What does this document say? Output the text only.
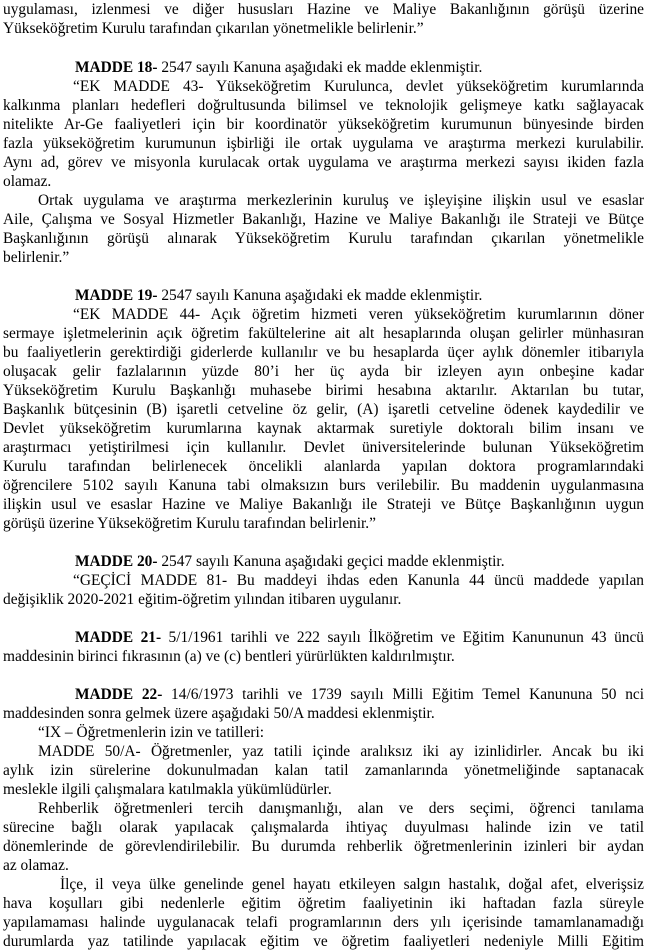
uygulaması, izlenmesi ve diğer hususları Hazine ve Maliye Bakanlığının görüşü üzerine
Yükseköğretim Kurulu tarafından çıkarılan yönetmelikle belirlenir.”
MADDE 18- 2547 sayılı Kanuna aşağıdaki ek madde eklenmiştir.
“EK MADDE 43- Yükseköğretim Kurulunca, devlet yükseköğretim kurumlarında
kalkınma planları hedefleri doğrultusunda bilimsel ve teknolojik gelişmeye katkı sağlayacak
nitelikte Ar-Ge faaliyetleri için bir koordinatör yükseköğretim kurumunun bünyesinde birden
fazla yükseköğretim kurumunun işbirliği ile ortak uygulama ve araştırma merkezi kurulabilir.
Aynı ad, görev ve misyonla kurulacak ortak uygulama ve araştırma merkezi sayısı ikiden fazla
olamaz.
Ortak uygulama ve araştırma merkezlerinin kuruluş ve işleyişine ilişkin usul ve esaslar
Aile, Çalışma ve Sosyal Hizmetler Bakanlığı, Hazine ve Maliye Bakanlığı ile Strateji ve Bütçe
Başkanlığının görüşü alınarak Yükseköğretim Kurulu tarafından çıkarılan yönetmelikle
belirlenir.”
MADDE 19- 2547 sayılı Kanuna aşağıdaki ek madde eklenmiştir.
“EK MADDE 44- Açık öğretim hizmeti veren yükseköğretim kurumlarının döner
sermaye işletmelerinin açık öğretim fakültelerine ait alt hesaplarında oluşan gelirler münhasıran
bu faaliyetlerin gerektirdiği giderlerde kullanılır ve bu hesaplarda üçer aylık dönemler itibarıyla
oluşacak gelir fazlalarının yüzde 80’i her üç ayda bir izleyen ayın onbeşine kadar
Yükseköğretim Kurulu Başkanlığı muhasebe birimi hesabına aktarılır. Aktarılan bu tutar,
Başkanlık bütçesinin (B) işaretli cetveline öz gelir, (A) işaretli cetveline ödenek kaydedilir ve
Devlet yükseköğretim kurumlarına kaynak aktarmak suretiyle doktoralı bilim insanı ve
araştırmacı yetiştirilmesi için kullanılır. Devlet üniversitelerinde bulunan Yükseköğretim
Kurulu tarafından belirlenecek öncelikli alanlarda yapılan doktora programlarındaki
öğrencilere 5102 sayılı Kanuna tabi olmaksızın burs verilebilir. Bu maddenin uygulanmasına
ilişkin usul ve esaslar Hazine ve Maliye Bakanlığı ile Strateji ve Bütçe Başkanlığının uygun
görüşü üzerine Yükseköğretim Kurulu tarafından belirlenir.”
MADDE 20- 2547 sayılı Kanuna aşağıdaki geçici madde eklenmiştir.
“GEÇİCİ MADDE 81- Bu maddeyi ihdas eden Kanunla 44 üncü maddede yapılan
değişiklik 2020-2021 eğitim-öğretim yılından itibaren uygulanır.
MADDE 21- 5/1/1961 tarihli ve 222 sayılı İlköğretim ve Eğitim Kanununun 43 üncü
maddesinin birinci fıkrasının (a) ve (c) bentleri yürürlükten kaldırılmıştır.
MADDE 22- 14/6/1973 tarihli ve 1739 sayılı Milli Eğitim Temel Kanununa 50 nci
maddesinden sonra gelmek üzere aşağıdaki 50/A maddesi eklenmiştir.
“IX – Öğretmenlerin izin ve tatilleri:
MADDE 50/A- Öğretmenler, yaz tatili içinde aralıksız iki ay izinlidirler. Ancak bu iki
aylık izin sürelerine dokunulmadan kalan tatil zamanlarında yönetmeliğinde saptanacak
meslekle ilgili çalışmalara katılmakla yükümlüdürler.
Rehberlik öğretmenleri tercih danışmanlığı, alan ve ders seçimi, öğrenci tanılama
sürecine bağlı olarak yapılacak çalışmalarda ihtiyaç duyulması halinde izin ve tatil
dönemlerinde de görevlendirilebilir. Bu durumda rehberlik öğretmenlerinin izinleri bir aydan
az olamaz.
İlçe, il veya ülke genelinde genel hayatı etkileyen salgın hastalık, doğal afet, elverişsiz
hava koşulları gibi nedenlerle eğitim öğretim faaliyetinin iki haftadan fazla süreyle
yapılamaması halinde uygulanacak telafi programlarının ders yılı içerisinde tamamlanamadığı
durumlarda yaz tatilinde yapılacak eğitim ve öğretim faaliyetleri nedeniyle Milli Eğitim
